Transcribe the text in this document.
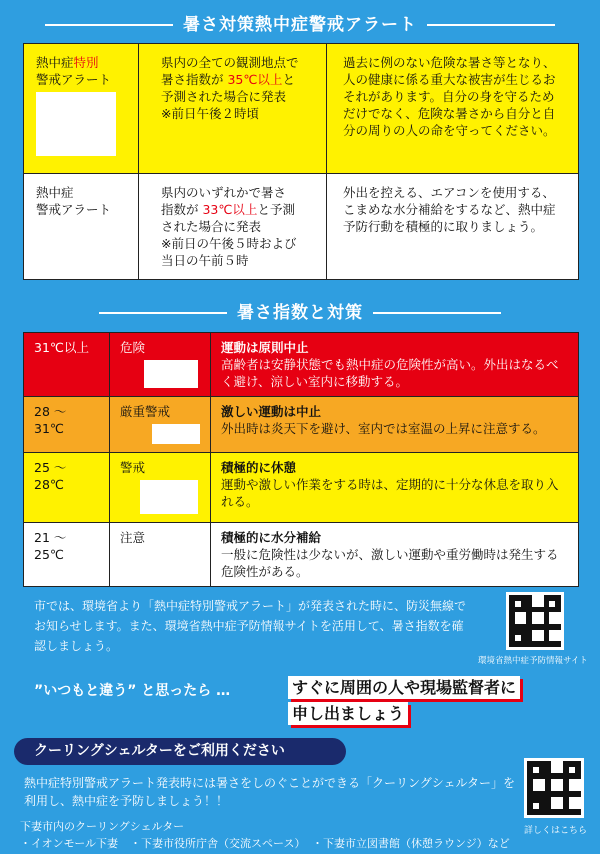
暑さ対策熱中症警戒アラート
熱中症特別
警戒アラート	県内の全ての観測地点で
暑さ指数が 35℃以上と
予測された場合に発表
※前日午後２時頃	過去に例のない危険な暑さ等となり、人の健康に係る重大な被害が生じるおそれがあります。自分の身を守るためだけでなく、危険な暑さから自分と自分の周りの人の命を守ってください。
熱中症
警戒アラート	県内のいずれかで暑さ
指数が 33℃以上と予測
された場合に発表
※前日の午後５時および
当日の午前５時	外出を控える、エアコンを使用する、こまめな水分補給をするなど、熱中症予防行動を積極的に取りましょう。
暑さ指数と対策
31℃以上	危険	運動は原則中止
高齢者は安静状態でも熱中症の危険性が高い。外出はなるべく避け、涼しい室内に移動する。
28 ～ 31℃	厳重警戒	激しい運動は中止
外出時は炎天下を避け、室内では室温の上昇に注意する。
25 ～ 28℃	警戒	積極的に休憩
運動や激しい作業をする時は、定期的に十分な休息を取り入れる。
21 ～ 25℃	注意	積極的に水分補給
一般に危険性は少ないが、激しい運動や重労働時は発生する危険性がある。
市では、環境省より「熱中症特別警戒アラート」が発表された時に、防災無線でお知らせします。また、環境省熱中症予防情報サイトを活用して、暑さ指数を確認しましょう。
環境省熱中症予防情報サイト
”いつもと違う” と思ったら …	すぐに周囲の人や現場監督者に
申し出ましょう
クーリングシェルターをご利用ください
熱中症特別警戒アラート発表時には暑さをしのぐことができる「クーリングシェルター」を利用し、熱中症を予防しましょう！！
詳しくはこちら
下妻市内のクーリングシェルター
・イオンモール下妻 ・下妻市役所庁舎（交流スペース） ・下妻市立図書館（休憩ラウンジ）など
